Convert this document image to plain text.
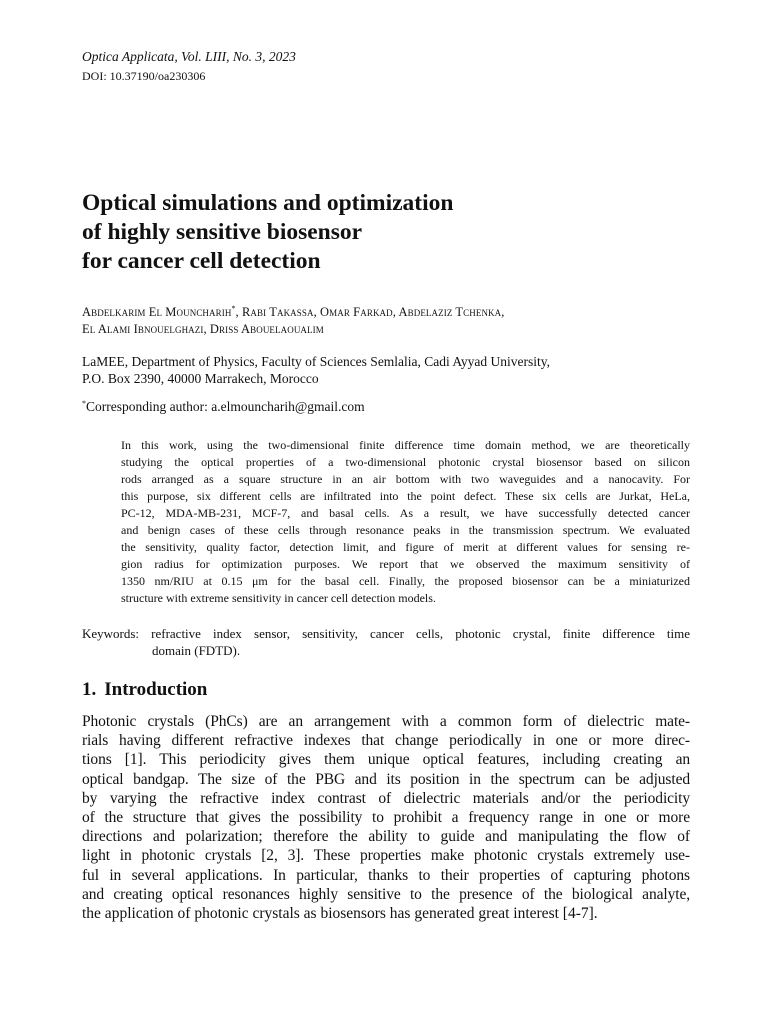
Optica Applicata, Vol. LIII, No. 3, 2023
DOI: 10.37190/oa230306
Optical simulations and optimization
of highly sensitive biosensor
for cancer cell detection
Abdelkarim El Mouncharih*, Rabi Takassa, Omar Farkad, Abdelaziz Tchenka,
El Alami Ibnouelghazi, Driss Abouelaoualim
LaMEE, Department of Physics, Faculty of Sciences Semlalia, Cadi Ayyad University,
P.O. Box 2390, 40000 Marrakech, Morocco
*Corresponding author: a.elmouncharih@gmail.com
In this work, using the two-dimensional finite difference time domain method, we are theoretically
studying the optical properties of a two-dimensional photonic crystal biosensor based on silicon
rods arranged as a square structure in an air bottom with two waveguides and a nanocavity. For
this purpose, six different cells are infiltrated into the point defect. These six cells are Jurkat, HeLa,
PC-12, MDA-MB-231, MCF-7, and basal cells. As a result, we have successfully detected cancer
and benign cases of these cells through resonance peaks in the transmission spectrum. We evaluated
the sensitivity, quality factor, detection limit, and figure of merit at different values for sensing re-
gion radius for optimization purposes. We report that we observed the maximum sensitivity of
1350 nm/RIU at 0.15 μm for the basal cell. Finally, the proposed biosensor can be a miniaturized
structure with extreme sensitivity in cancer cell detection models.
Keywords: refractive index sensor, sensitivity, cancer cells, photonic crystal, finite difference time
domain (FDTD).
1. Introduction
Photonic crystals (PhCs) are an arrangement with a common form of dielectric mate-
rials having different refractive indexes that change periodically in one or more direc-
tions [1]. This periodicity gives them unique optical features, including creating an
optical bandgap. The size of the PBG and its position in the spectrum can be adjusted
by varying the refractive index contrast of dielectric materials and/or the periodicity
of the structure that gives the possibility to prohibit a frequency range in one or more
directions and polarization; therefore the ability to guide and manipulating the flow of
light in photonic crystals [2, 3]. These properties make photonic crystals extremely use-
ful in several applications. In particular, thanks to their properties of capturing photons
and creating optical resonances highly sensitive to the presence of the biological analyte,
the application of photonic crystals as biosensors has generated great interest [4-7].
